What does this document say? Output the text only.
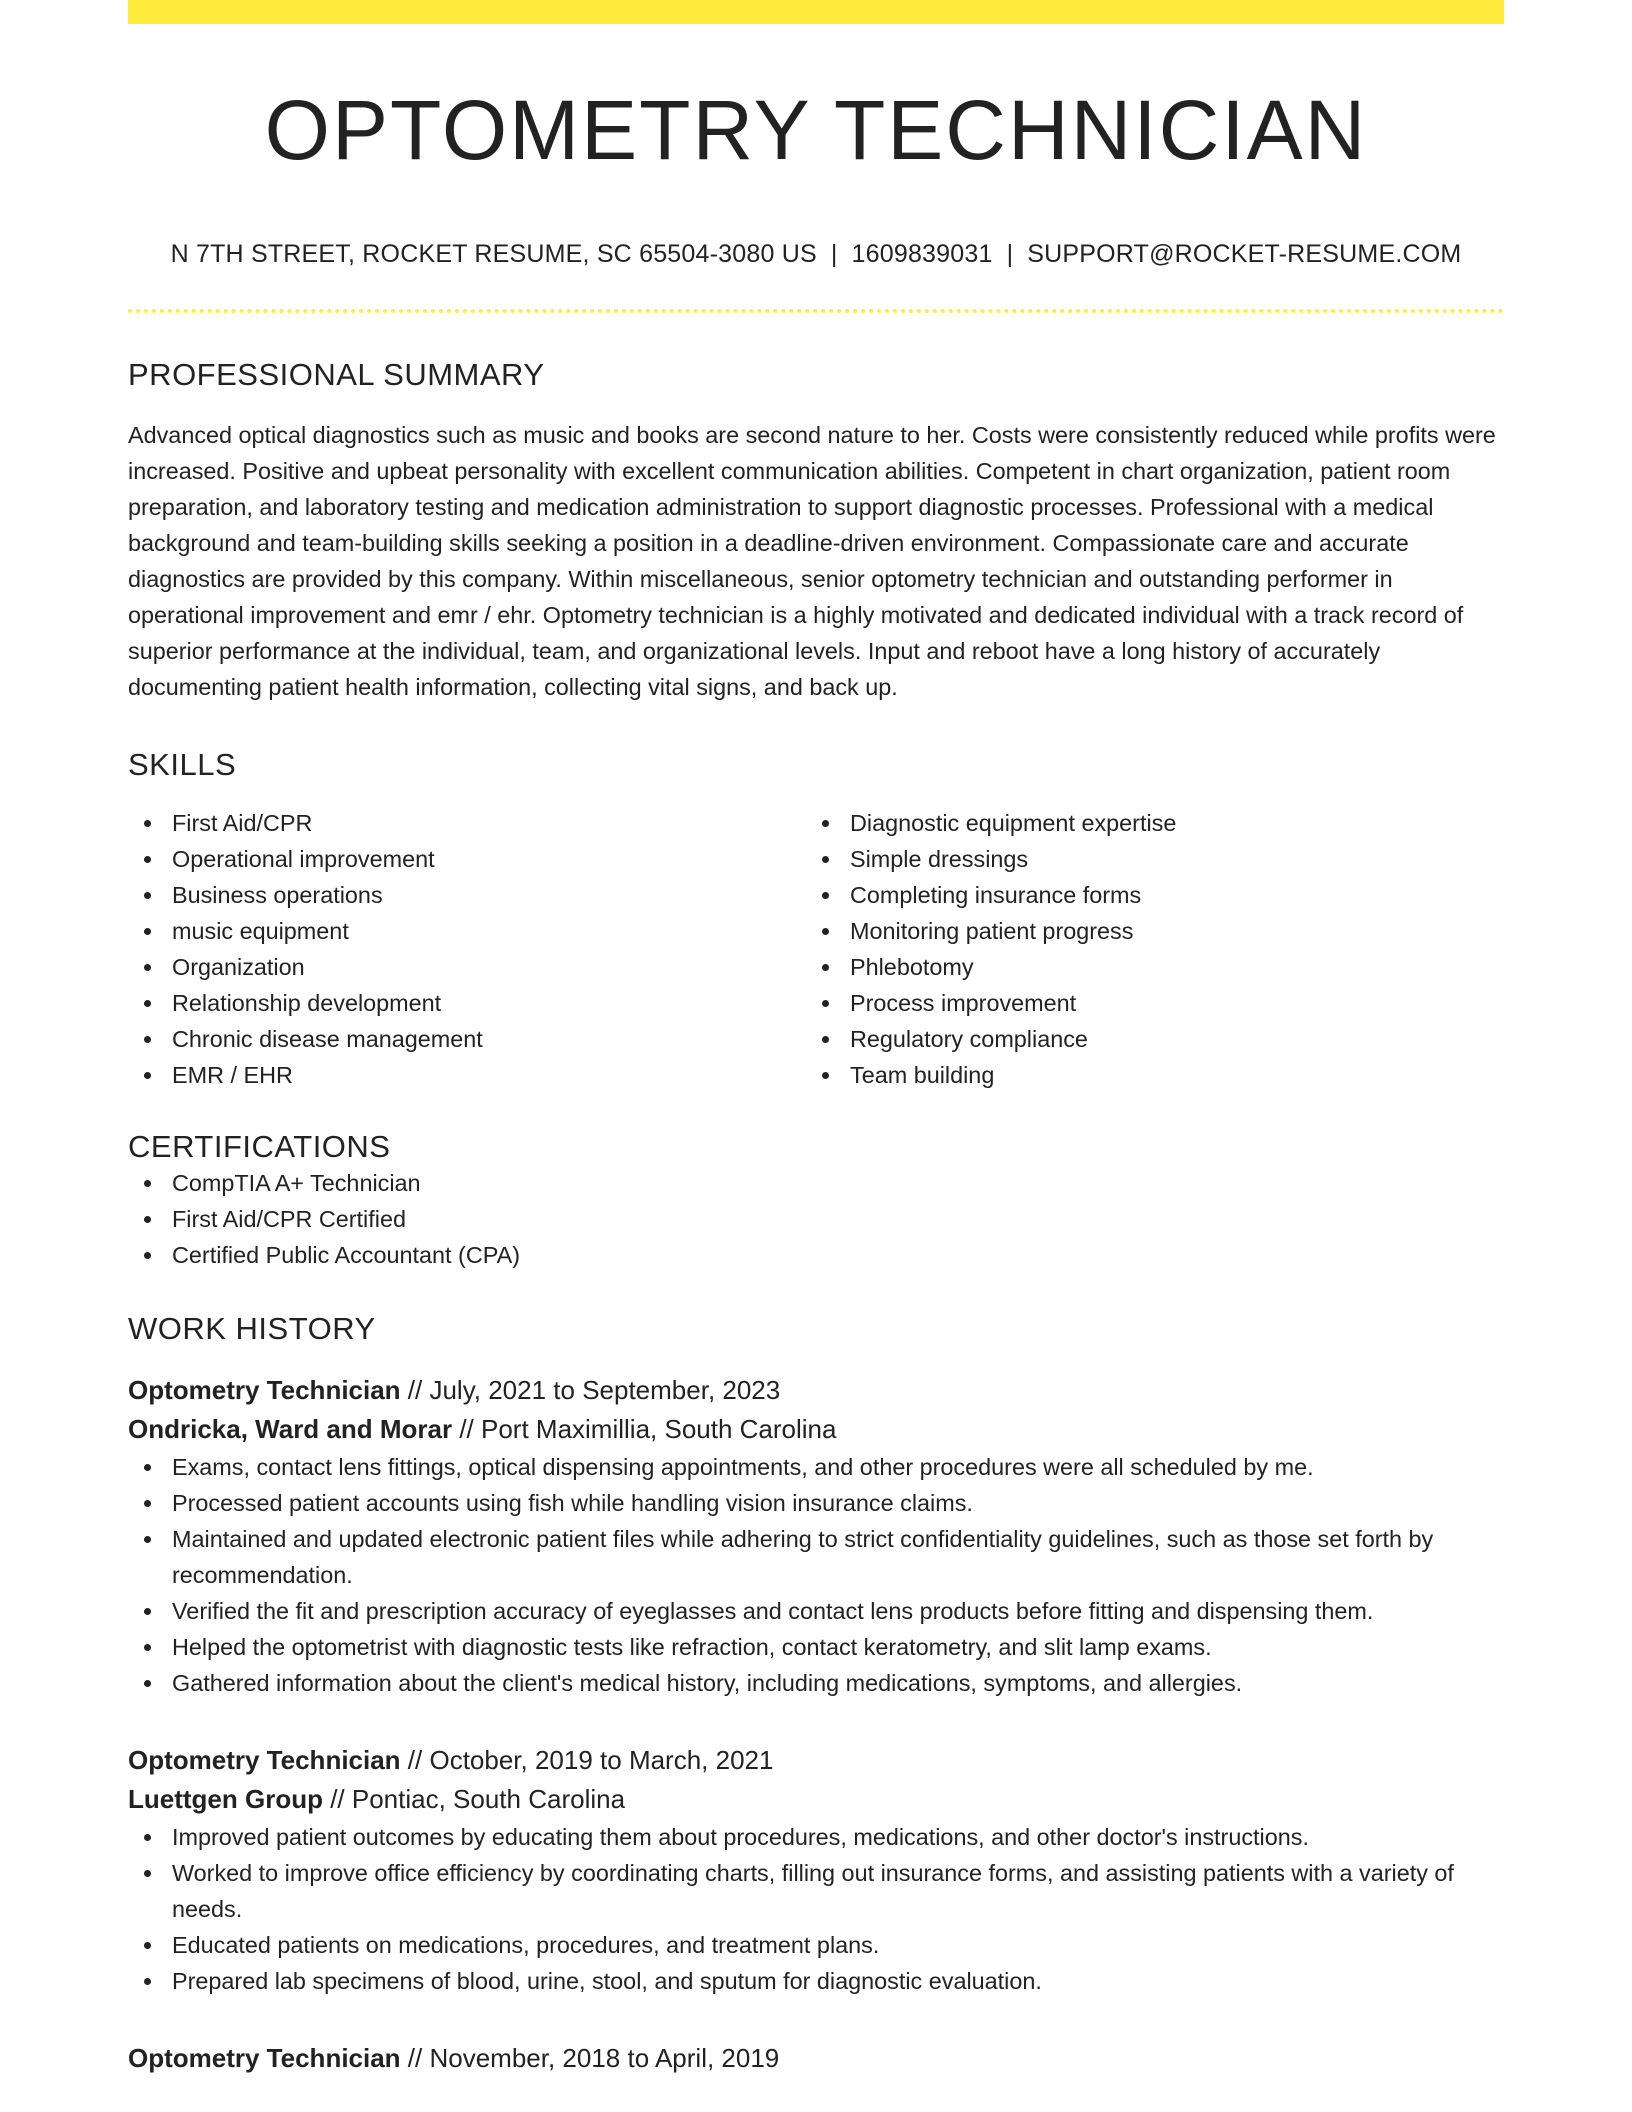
OPTOMETRY TECHNICIAN
N 7TH STREET, ROCKET RESUME, SC 65504-3080 US | 1609839031 | SUPPORT@ROCKET-RESUME.COM
PROFESSIONAL SUMMARY
Advanced optical diagnostics such as music and books are second nature to her. Costs were consistently reduced while profits were increased. Positive and upbeat personality with excellent communication abilities. Competent in chart organization, patient room preparation, and laboratory testing and medication administration to support diagnostic processes. Professional with a medical background and team-building skills seeking a position in a deadline-driven environment. Compassionate care and accurate diagnostics are provided by this company. Within miscellaneous, senior optometry technician and outstanding performer in operational improvement and emr / ehr. Optometry technician is a highly motivated and dedicated individual with a track record of superior performance at the individual, team, and organizational levels. Input and reboot have a long history of accurately documenting patient health information, collecting vital signs, and back up.
SKILLS
First Aid/CPR
Operational improvement
Business operations
music equipment
Organization
Relationship development
Chronic disease management
EMR / EHR
Diagnostic equipment expertise
Simple dressings
Completing insurance forms
Monitoring patient progress
Phlebotomy
Process improvement
Regulatory compliance
Team building
CERTIFICATIONS
CompTIA A+ Technician
First Aid/CPR Certified
Certified Public Accountant (CPA)
WORK HISTORY
Optometry Technician // July, 2021 to September, 2023
Ondricka, Ward and Morar // Port Maximillia, South Carolina
Exams, contact lens fittings, optical dispensing appointments, and other procedures were all scheduled by me.
Processed patient accounts using fish while handling vision insurance claims.
Maintained and updated electronic patient files while adhering to strict confidentiality guidelines, such as those set forth by recommendation.
Verified the fit and prescription accuracy of eyeglasses and contact lens products before fitting and dispensing them.
Helped the optometrist with diagnostic tests like refraction, contact keratometry, and slit lamp exams.
Gathered information about the client's medical history, including medications, symptoms, and allergies.
Optometry Technician // October, 2019 to March, 2021
Luettgen Group // Pontiac, South Carolina
Improved patient outcomes by educating them about procedures, medications, and other doctor's instructions.
Worked to improve office efficiency by coordinating charts, filling out insurance forms, and assisting patients with a variety of needs.
Educated patients on medications, procedures, and treatment plans.
Prepared lab specimens of blood, urine, stool, and sputum for diagnostic evaluation.
Optometry Technician // November, 2018 to April, 2019
